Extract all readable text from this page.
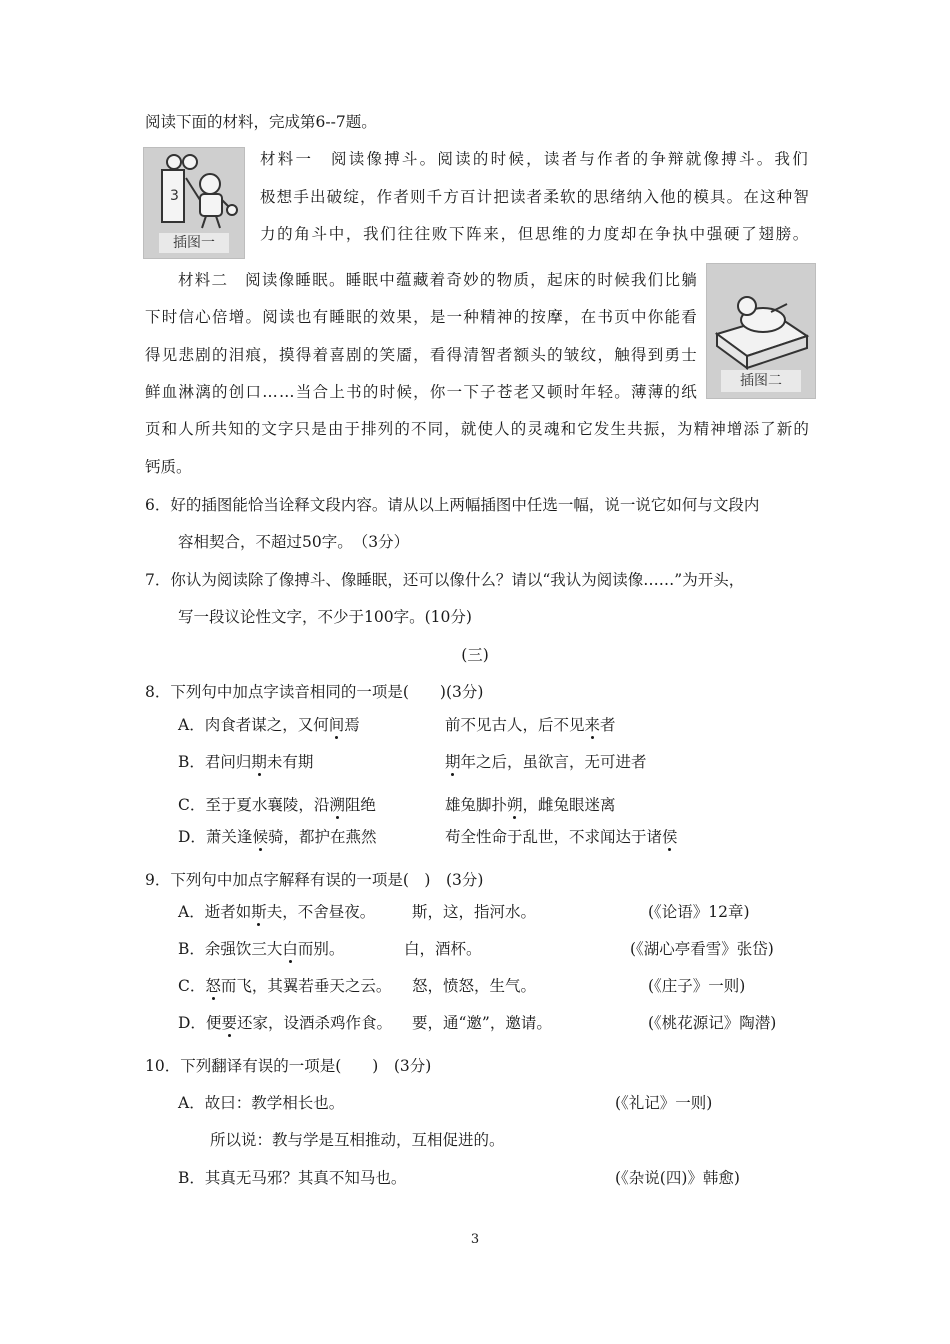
阅读下面的材料，完成第6--7题。
3
插图一
材料一　阅读像搏斗。阅读的时候，读者与作者的争辩就像搏斗。我们
极想手出破绽，作者则千方百计把读者柔软的思绪纳入他的模具。在这种智
力的角斗中，我们往往败下阵来，但思维的力度却在争执中强硬了翅膀。
插图二
材料二　阅读像睡眠。睡眠中蕴藏着奇妙的物质，起床的时候我们比躺
下时信心倍增。阅读也有睡眠的效果，是一种精神的按摩，在书页中你能看
得见悲剧的泪痕，摸得着喜剧的笑靥，看得清智者额头的皱纹，触得到勇士
鲜血淋漓的创口……当合上书的时候，你一下子苍老又顿时年轻。薄薄的纸
页和人所共知的文字只是由于排列的不同，就使人的灵魂和它发生共振，为精神增添了新的
钙质。
6．好的插图能恰当诠释文段内容。请从以上两幅插图中任选一幅，说一说它如何与文段内
容相契合，不超过50字。　（3分）
7．你认为阅读除了像搏斗、像睡眠，还可以像什么？请以“我认为阅读像……”为开头，
写一段议论性文字，不少于100字。(10分)
(三)
8．下列句中加点字读音相同的一项是(　　)(3分)
A．肉食者谋之，又何间焉	前不见古人，后不见来者
B．君问归期未有期	期年之后，虽欲言，无可进者
C．至于夏水襄陵，沿溯阻绝	雄兔脚扑朔，雌兔眼迷离
D．萧关逢候骑，都护在燕然	苟全性命于乱世，不求闻达于诸侯
9．下列句中加点字解释有误的一项是(　)　(3分)
A．逝者如斯夫，不舍昼夜。 斯，这，指河水。	(《论语》12章)
B．余强饮三大白而别。	白，酒杯。	(《湖心亭看雪》张岱)
C．怒而飞，其翼若垂天之云。 怒，愤怒，生气。	(《庄子》一则)
D．便要还家，设酒杀鸡作食。 要，通“邀”，邀请。	(《桃花源记》陶潜)
10．下列翻译有误的一项是(　　)　(3分)
A．故曰：教学相长也。	(《礼记》一则)
所以说：教与学是互相推动，互相促进的。
B．其真无马邪？其真不知马也。	(《杂说(四)》韩愈)
3
